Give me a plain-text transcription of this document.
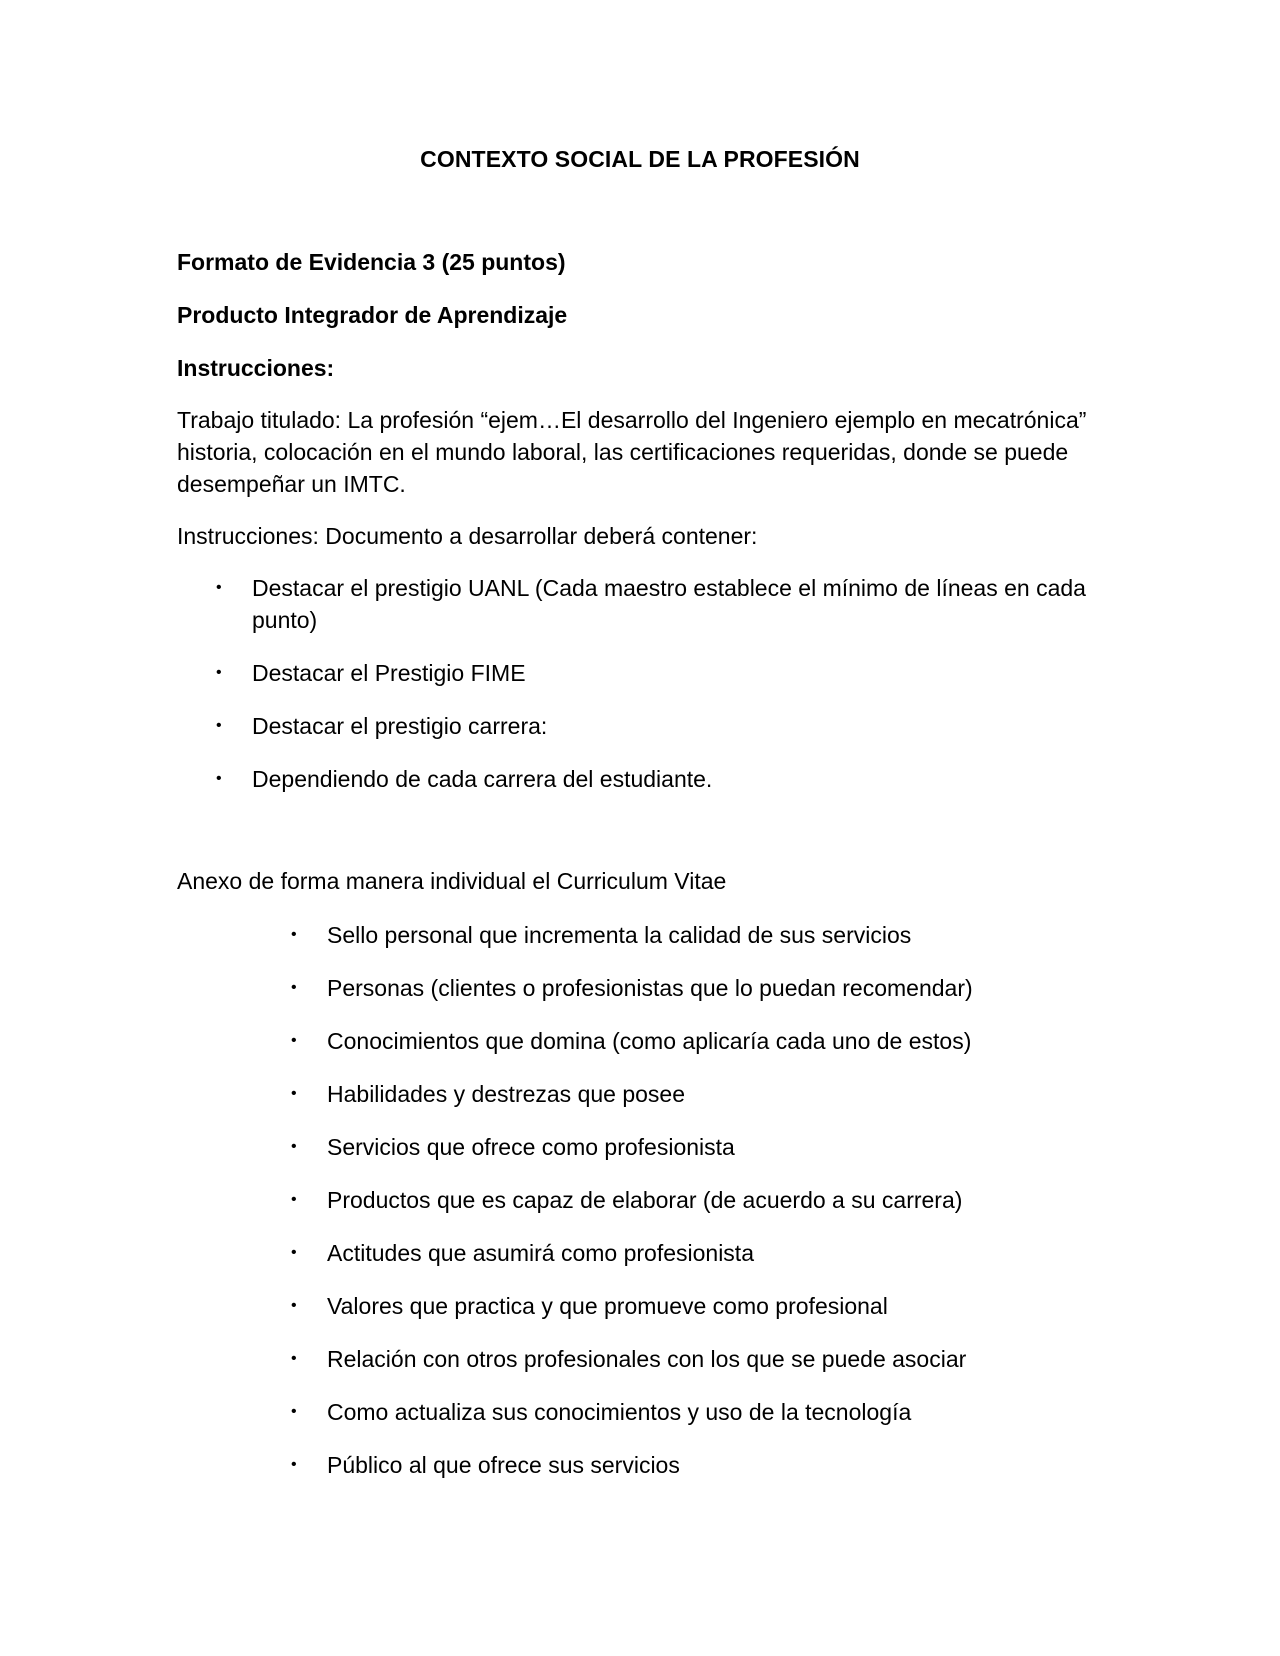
CONTEXTO SOCIAL DE LA PROFESIÓN

Formato de Evidencia 3 (25 puntos)

Producto Integrador de Aprendizaje

Instrucciones:

Trabajo titulado: La profesión “ejem…El desarrollo del Ingeniero ejemplo en mecatrónica” historia, colocación en el mundo laboral, las certificaciones requeridas, donde se puede desempeñar un IMTC.

Instrucciones: Documento a desarrollar deberá contener:

• Destacar el prestigio UANL (Cada maestro establece el mínimo de líneas en cada punto)
• Destacar el Prestigio FIME
• Destacar el prestigio carrera:
• Dependiendo de cada carrera del estudiante.

Anexo de forma manera individual el Curriculum Vitae

• Sello personal que incrementa la calidad de sus servicios
• Personas (clientes o profesionistas que lo puedan recomendar)
• Conocimientos que domina (como aplicaría cada uno de estos)
• Habilidades y destrezas que posee
• Servicios que ofrece como profesionista
• Productos que es capaz de elaborar (de acuerdo a su carrera)
• Actitudes que asumirá como profesionista
• Valores que practica y que promueve como profesional
• Relación con otros profesionales con los que se puede asociar
• Como actualiza sus conocimientos y uso de la tecnología
• Público al que ofrece sus servicios
